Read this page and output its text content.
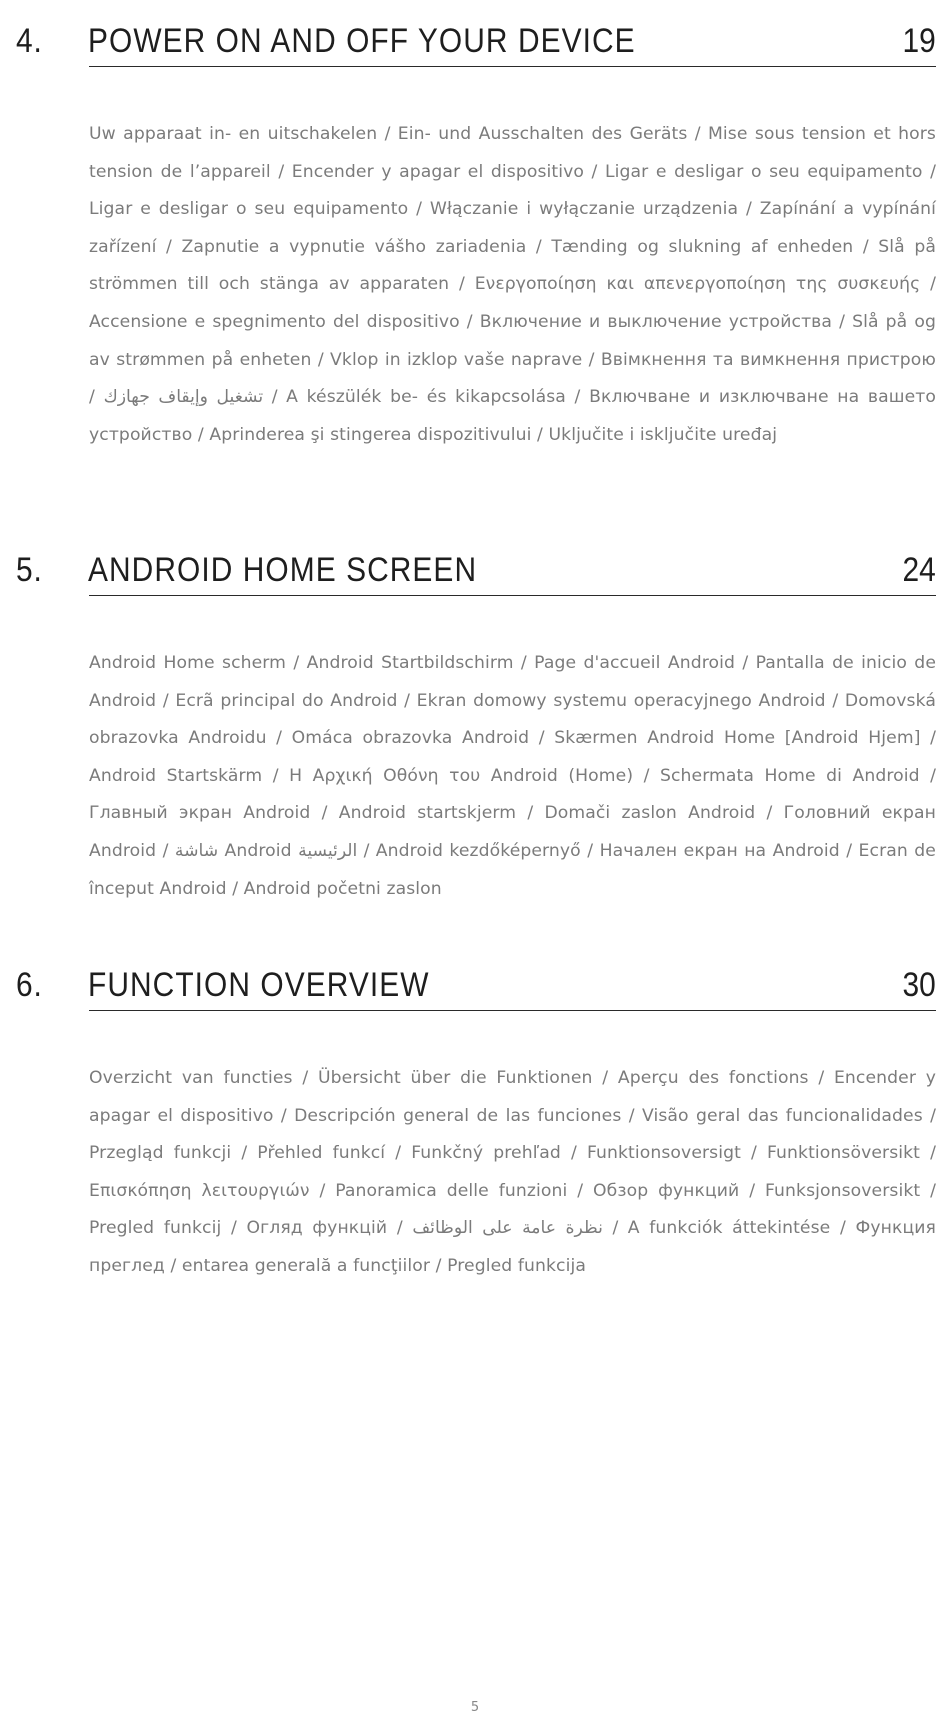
4. POWER ON AND OFF YOUR DEVICE	19
Uw apparaat in- en uitschakelen / Ein- und Ausschalten des Geräts / Mise sous tension et hors tension de l’appareil / Encender y apagar el dispositivo / Ligar e desligar o seu equipamento / Ligar e desligar o seu equipamento / Włączanie i wyłączanie urządzenia / Zapínání a vypínání zařízení / Zapnutie a vypnutie vášho zariadenia / Tænding og slukning af enheden / Slå på strömmen till och stänga av apparaten / Ενεργοποίηση και απενεργοποίηση της συσκευής / Accensione e spegnimento del dispositivo / Включение и выключение устройства / Slå på og av strømmen på enheten / Vklop in izklop vaše naprave / Ввімкнення та вимкнення пристрою / تشغيل وإيقاف جهازك / A készülék be- és kikapcsolása / Включване и изключване на вашето устройство / Aprinderea şi stingerea dispozitivului / Uključite i isključite uređaj
5. ANDROID HOME SCREEN	24
Android Home scherm / Android Startbildschirm / Page d'accueil Android / Pantalla de inicio de Android / Ecrã principal do Android / Ekran domowy systemu operacyjnego Android / Domovská obrazovka Androidu / Omáca obrazovka Android / Skærmen Android Home [Android Hjem] / Android Startskärm / Η Αρχική Οθόνη του Android (Home) / Schermata Home di Android / Главный экран Android / Android startskjerm / Domači zaslon Android / Головний екран Android / شاشة Android الرئيسية / Android kezdőképernyő / Начален екран на Android / Ecran de început Android / Android početni zaslon
6. FUNCTION OVERVIEW	30
Overzicht van functies / Übersicht über die Funktionen / Aperçu des fonctions / Encender y apagar el dispositivo / Descripción general de las funciones / Visão geral das funcionalidades / Przegląd funkcji / Přehled funkcí / Funkčný prehľad / Funktionsoversigt / Funktionsöversikt / Επισκόπηση λειτουργιών / Panoramica delle funzioni / Обзор функций / Funksjonsoversikt / Pregled funkcij / Огляд функцій / نظرة عامة على الوظائف / A funkciók áttekintése / Функция преглед / entarea generală a funcţiilor / Pregled funkcija
5
